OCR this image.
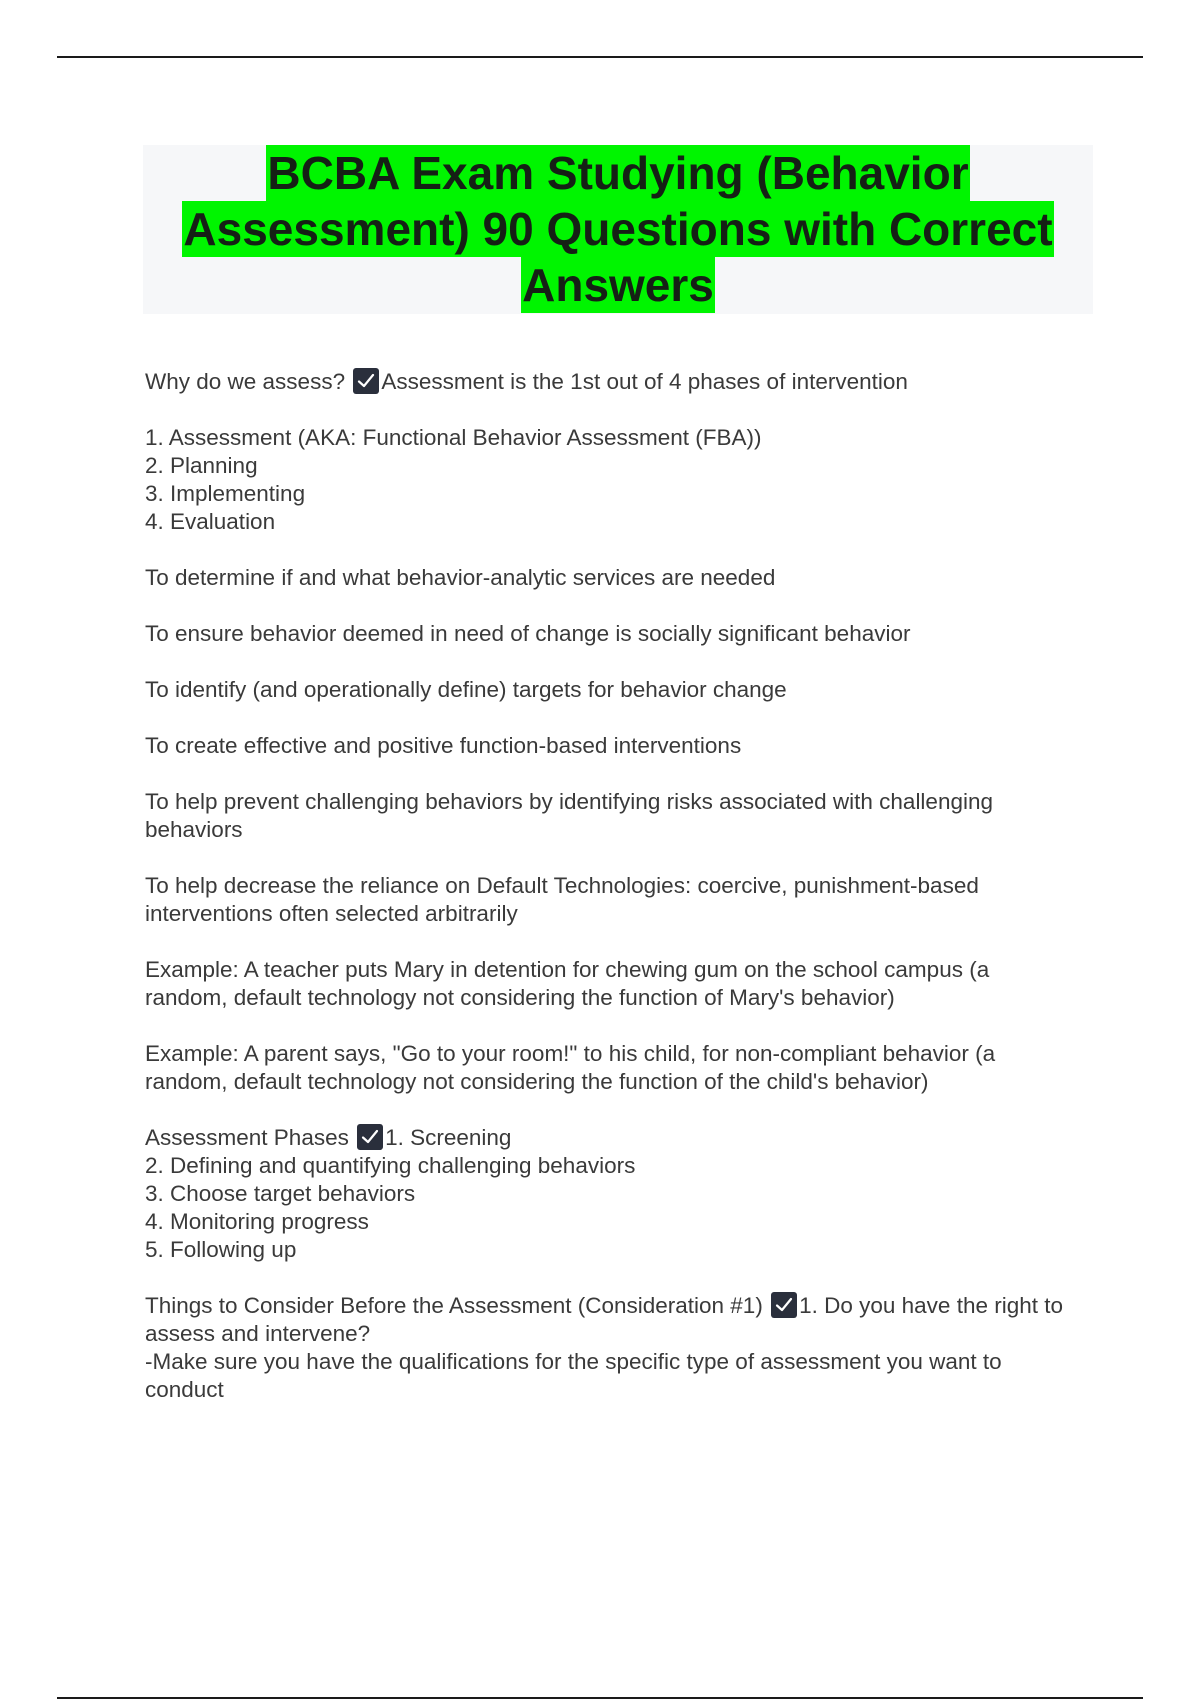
BCBA Exam Studying (Behavior
Assessment) 90 Questions with Correct
Answers

Why do we assess? Assessment is the 1st out of 4 phases of intervention

1. Assessment (AKA: Functional Behavior Assessment (FBA))

2. Planning

3. Implementing

4. Evaluation

To determine if and what behavior-analytic services are needed

To ensure behavior deemed in need of change is socially significant behavior

To identify (and operationally define) targets for behavior change

To create effective and positive function-based interventions

To help prevent challenging behaviors by identifying risks associated with challenging behaviors

To help decrease the reliance on Default Technologies: coercive, punishment-based interventions often selected arbitrarily

Example: A teacher puts Mary in detention for chewing gum on the school campus (a random, default technology not considering the function of Mary's behavior)

Example: A parent says, "Go to your room!" to his child, for non-compliant behavior (a random, default technology not considering the function of the child's behavior)

Assessment Phases 1. Screening

2. Defining and quantifying challenging behaviors

3. Choose target behaviors

4. Monitoring progress

5. Following up

Things to Consider Before the Assessment (Consideration #1) 1. Do you have the right to assess and intervene?

-Make sure you have the qualifications for the specific type of assessment you want to conduct
